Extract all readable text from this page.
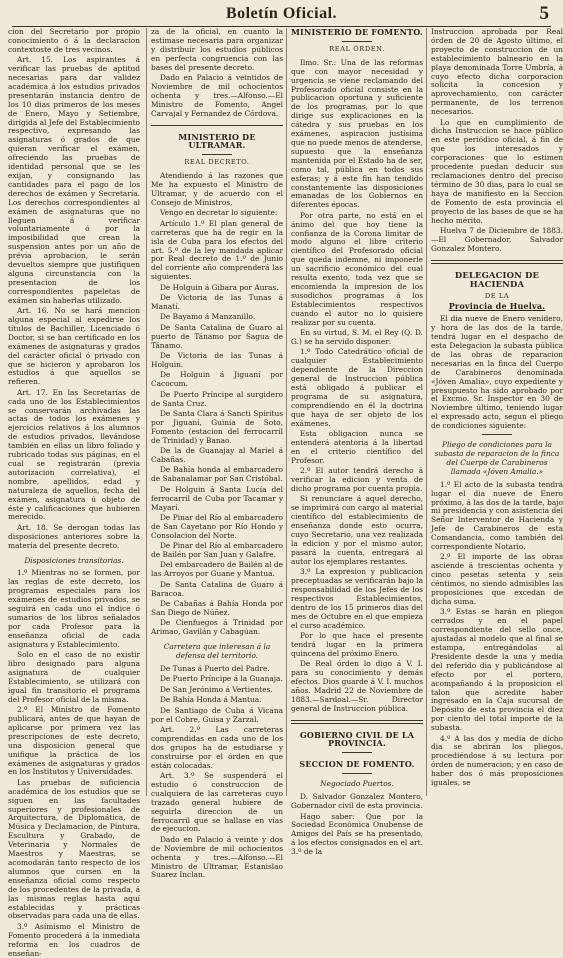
Boletín Oficial.	5

cion del Secretario por propio conocimiento ó á la declaracion contextoste de tres vecinos.

Art. 15. Los aspirantes á verificar las pruebas de aptitud necesarias para dar validez académica á los estudios privados presentarán instancia dentro de los 10 dias primeros de los meses de Enero, Mayo y Setiembre, dirigida al Jefe del Establecimiento respectivo, expresando las asignaturas ó grados de que quieran verificar el exámen, ofreciendo las pruebas de identidad personal que se les exijan, y consignando las cantidades para el pago de los derechos de exámen y Secretaría. Los derechos correspondientes al exámen de asignaturas que no lleguen á verificar voluntariamente ó por la imposibilidad que crean la suspension antes por un año de prévia aprobacion, le serán devueltos siempre que justifiquen alguna circunstancia con la presentacion de los correspondientes papeletas de exámen sin haberlas utilizado.

Art. 16. No se hará mencion alguna especial al expedirse los títulos de Bachiller, Licenciado ó Doctor, si se han certificado en los exámenes de asignaturas y grados del carácter oficial ó privado con que se hicieron y aprobaron los estudios á que aquellos se refieren.

Art. 17. En las Secretarías de cada uno de los Establecimientos se conservarán archivadas las actas de todos los exámenes y ejercicios relativos á los alumnos de estudios privados, llevándose también en ellas un libro foliado y rubricado todas sus páginas, en el cual se registrarán (previa autorizacion correlativa), el nombre, apellidos, edad y naturaleza de aquellos, fecha del exámen, asignatura ú objeto de éste y calificaciones que hubieren merecido.

Art. 18. Se derogan todas las disposiciones anteriores sobre la materia del presente decreto.

Disposiciones transitorias.

1.º Mientras no se formen, por las reglas de este decreto, los programas especiales para los exámenes de estudios privados, se seguirá en cada uno el índice ó sumarios de los libros señalados por cada Profesor para la enseñanza oficial de cada asignatura y Establecimiento.

Solo en el caso de no existir libro designado para alguna asignatura de cualquier Establecimiento, se utilizará con igual fin transitorio el programa del Profesor oficial de la misma.

2.º El Ministro de Fomento publicará, antes de que hayan de aplicarse por primera vez las prescripciones de este decreto, una disposicion general que unifique la práctica de los exámenes de asignaturas y grados en los Institutos y Universidades.

Las pruebas de suficiencia académica de los estudios que se siguen en las facultades superiores y profesionales de Arquitectura, de Diplomática, de Música y Declamacion, de Pintura, Escultura y Grabado, de Veterinaria y Normales de Maestros y Maestras, se acomodarán tanto respecto de los alumnos que cursen en la enseñanza oficial como respecto de los procedentes de la privada, á las mismas reglas hasta aquí establecidas y prácticas observadas para cada una de ellas.

3.º Asímismo el Ministro de Fomento procederá á la inmediata reforma en los cuadros de enseñan-

za de la oficial, en cuanto la estimase necesaria para organizar y distribuir los estudios públicos en perfecta congruencia con las bases del presente decreto.

Dado en Palacio á veintidos de Noviembre de mil ochocientos ochenta y tres.—Alfonso.—El Ministro de Fomento, Angel Carvajal y Fernandez de Córdova.

MINISTERIO DE ULTRAMAR.

REAL DECRETO.

Atendiendo á las razones que Me ha expuesto el Ministro de Ultramar, y de acuerdo con el Consejo de Ministros,

Vengo en decretar lo siguiente:

Artículo 1.º El plan general de carreteras que ha de regir en la isla de Cuba para los efectos del art. 5.º de la ley mandada aplicar por Real decreto de 1.º de Junio del corriente año comprenderá las siguientes.

De Holguin á Gibara por Auras.

De Victoria de las Tunas á Manatí.

De Bayamo á Manzanillo.

De Santa Catalina de Guaro al puerto de Tánamo por Sagua de Tánamo.

De Victoria de las Tunas á Holguin.

De Holguin á Jiguaní por Cacocum.

De Puerto Príncipe al surgidero de Santa Cruz.

De Santa Clara á Sancti Spíritus por Jiguaní, Guinia de Soto, Fomento (estacion del ferrocarril de Trinidad) y Banao.

De la de Guanajay al Mariel á Cabañas.

De Bahía honda al embarcadero de Sabanalamar por San Cristóbal.

De Holguin á Santa Lucía del ferrocarril de Cuba por Tacamar y Mayarí.

De Pinar del Río al embarcadero de San Cayetano por Río Hondo y Consolacion del Norte.

De Pinar del Río al embarcadero de Bailén por San Juan y Galafre.

Del embarcadero de Bailén al de las Arroyos por Guane y Mantua.

De Santa Catalina de Guaro á Baracoa.

De Cabañas á Bahía Honda por San Diego de Núñez.

De Cienfuegos á Trinidad por Arimao, Gavilán y Cabagúan.

Carretera que interesan á la defensa del territorio.

De Tunas á Puerto del Padre.

De Puerto Príncipe á la Guanaja.

De San Jerónimo á Vertientes.

De Bahía Honda á Mantua.

De Santiago de Cuba á Vicana por el Cobre, Guisa y Zarzal.

Art. 2.º Las carreteras comprendidas en cada uno de los dos grupos ha de estudiarse y construirse por el órden en que están colocadas.

Art. 3.º Se suspenderá el estudio ó construccion de cualquiera de las carreteras cuyo trazado general hubiere de seguirla direccion de un ferrocarril que se hallase en vías de ejecucion.

Dado en Palacio á veinte y dos de Noviembre de mil ochocientos ochenta y tres.—Alfonso.—El Ministro de Ultramar, Estanislao Suarez Inclan.

MINISTERIO DE FOMENTO.

REAL ÓRDEN.

Ilmo. Sr.: Una de las reformas que con mayor necesidad y urgencia se viene reclamando del Profesorado oficial consiste en la publicacion oportuna y suficiente de los programas, por lo que dirige sus explicaciones en la cátedra y sus pruebas en los exámenes, aspiracion justísima que no puede menos de atenderse, supuesto que la enseñanza mantenida por el Estado ha de ser, como tal, pública en todos sus esferas; y á este fin han tendido constantemente las disposiciones emanadas de los Gobiernos en diferentes épocas.

Por otra parte, no está en el ánimo del que hoy tiene la confianza de la Corona limitar de modo alguno el libre criterio científico del Profesorado oficial que queda indemne, ni imponerle un sacrificio económico del cual resulta exento, toda vez que se encomienda la impresion de los susodichos programas á los Establecimientos respectivos cuando el autor no lo quisiere realizar por su cuenta.

En su virtud, S. M. el Rey (Q. D. G.) se ha servido disponer:

1.º Todo Catedrático oficial de cualquier Establecimiento dependiente de la Direccion general de Instruccion pública está obligado á publicar el programa de su asignatura, comprendiendo en él la doctrina que haya de ser objeto de los exámenes.

Esta obligacion nunca se entenderá atentoria á la libertad en el criterio científico del Profesor.

2.º El autor tendrá derecho á verificar la edicion y venta de dicho programa por cuenta propia.

Si renunciare á aquel derecho, se imprimirá con cargo al material científico del establecimiento de enseñanza donde esto ocurra, cuyo Secretario, una vez realizada la edicion y por el mismo autor, pasará la cuenta, entregará al autor los ejemplares restantes.

3.º La expresion y publicacion preceptuadas se verificarán bajo la responsabilidad de los Jefes de los respectivos Establecimientos, dentro de los 15 primeros dias del mes de Octubre en el que empieza el curso académico.

Por lo que hace el presente tendrá lugar en la primera quincena del próximo Enero.

De Real órden lo digo á V. I. para su conocimiento y demás efectos. Dios guarde á V. I. muchos años. Madrid 22 de Noviembre de 1883.—Sardoal.—Sr. Director general de Instruccion pública.

GOBIERNO CIVIL DE LA PROVINCIA.

SECCION DE FOMENTO.

Negociado Puertos.

D. Salvador Gonzalez Montero, Gobernador civil de esta provincia.

Hago saber: Que por la Sociedad Económica Onubense de Amigos del País se ha presentado, á los efectos consignados en el art. 3.º de la

Instruccion aprobada por Real órden de 20 de Agosto último, el proyecto de construccion de un establecimiento balneario en la playa denominada Torre Umbría, á cuyo efecto dicha corporacion solicita la concesion y aprovechamiento, con carácter permanente, de los terrenos necesarios.

Lo que en cumplimiento de dicha Instruccion se hace público en este periódico oficial, á fin de que los interesados y corporaciones que lo estimen procedente puedan deducir sus reclamaciones dentro del preciso término de 30 dias, para lo cual se haya de manifiesto en la Seccion de Fomento de esta provincia el proyecto de las bases de que se ha hecho mérito.

Huelva 7 de Diciembre de 1883.—El Gobernador, Salvador Gonzalez Montero.

DELEGACION DE HACIENDA

DE LA

Provincia de Huelva.

El dia nueve de Enero venidero, y hora de las dos de la tarde, tendrá lugar en el despacho de esta Delegacion la subasta pública de las obras de reparacion necesarias en la finca del Cuerpo de Carabineros denominada «Jóven Amalia», cuyo expediente y presupuesto ha sido aprobado por el Excmo. Sr. Inspector en 30 de Noviembre último, teniendo lugar el expresado acto, segun el pliego de condiciones siguiente:

Pliego de condiciones para la subasta de reparacion de la finca del Cuerpo de Carabineros llamada «Jóven Amalia.»

1.º El acto de la subasta tendrá lugar el dia nueve de Enero próximo, á las dos de la tarde, bajo mi presidencia y con asistencia del Señor Interventor de Hacienda y Jefe de Carabineros de esta Comandancia, como también del correspondiente Notario.

2.º El importe de las obras asciende á trescientas ochenta y cinco pesetas setenta y seis céntimos, no siendo admisibles las proposiciones que excedan de dicha suma.

3.º Estas se harán en pliegos cerrados y en el papel correspondiente del sello once, ajustadas al modelo que al final se estampa, entregándolas al Presidente desde la una y media del referido dia y publicándose al efecto por el portero, acompañando á la proposicion el talon que acredite haber ingresado en la Caja sucursal de Depósito de esta provincia el diez por ciento del total importe de la subasta.

4.º A las dos y media de dicho dia se abrirán los pliegos, procediéndose á su lectura por órden de numeracion; y en caso de haber dos ó más proposiciones iguales, se
